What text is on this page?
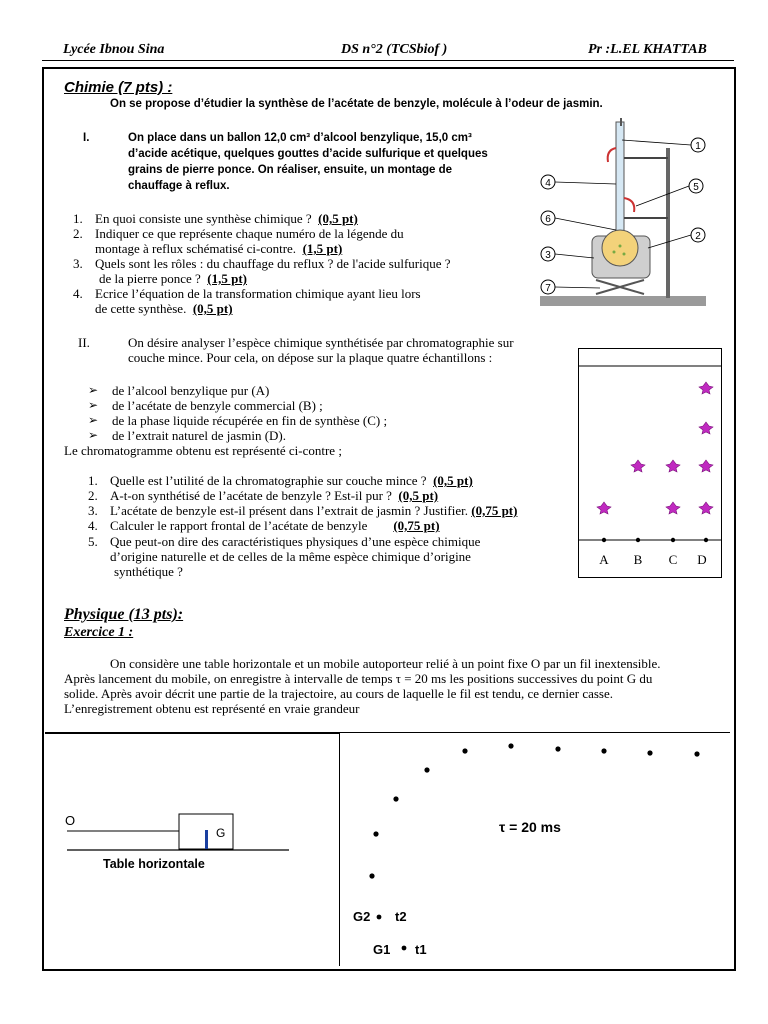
Lycée Ibnou Sina	DS n°2 (TCSbiof )	Pr :L.EL KHATTAB
Chimie (7 pts) :
On se propose d’étudier la synthèse de l’acétate de benzyle, molécule à l’odeur de jasmin.
I.	On place dans un ballon 12,0 cm³ d’alcool benzylique, 15,0 cm³
d’acide acétique, quelques gouttes d’acide sulfurique et quelques
grains de pierre ponce. On réaliser, ensuite, un montage de
chauffage à reflux.
1. En quoi consiste une synthèse chimique ? (0,5 pt)
2. Indiquer ce que représente chaque numéro de la légende du
montage à reflux schématisé ci-contre. (1,5 pt)
3. Quels sont les rôles : du chauffage du reflux ? de l'acide sulfurique ?
de la pierre ponce ? (1,5 pt)
4. Ecrice l’équation de la transformation chimique ayant lieu lors
de cette synthèse. (0,5 pt)
1
2
3
4	5
6
7
II.	On désire analyser l’espèce chimique synthétisée par chromatographie sur
couche mince. Pour cela, on dépose sur la plaque quatre échantillons :
➢ de l’alcool benzylique pur (A)
➢ de l’acétate de benzyle commercial (B) ;
➢ de la phase liquide récupérée en fin de synthèse (C) ;
➢ de l’extrait naturel de jasmin (D).
Le chromatogramme obtenu est représenté ci-contre ;
1. Quelle est l’utilité de la chromatographie sur couche mince ? (0,5 pt)
2. A-t-on synthétisé de l’acétate de benzyle ? Est-il pur ? (0,5 pt)
3. L’acétate de benzyle est-il présent dans l’extrait de jasmin ? Justifier. (0,75 pt)
4. Calculer le rapport frontal de l’acétate de benzyle (0,75 pt)
5. Que peut-on dire des caractéristiques physiques d’une espèce chimique
d’origine naturelle et de celles de la même espèce chimique d’origine
synthétique ?
A B C D
Physique (13 pts):
Exercice 1 :
On considère une table horizontale et un mobile autoporteur relié à un point fixe O par un fil inextensible.
Après lancement du mobile, on enregistre à intervalle de temps τ = 20 ms les positions successives du point G du
solide. Après avoir décrit une partie de la trajectoire, au cours de laquelle le fil est tendu, ce dernier casse.
L’enregistrement obtenu est représenté en vraie grandeur
O
G
Table horizontale
τ = 20 ms
G2 t2
G1 t1
